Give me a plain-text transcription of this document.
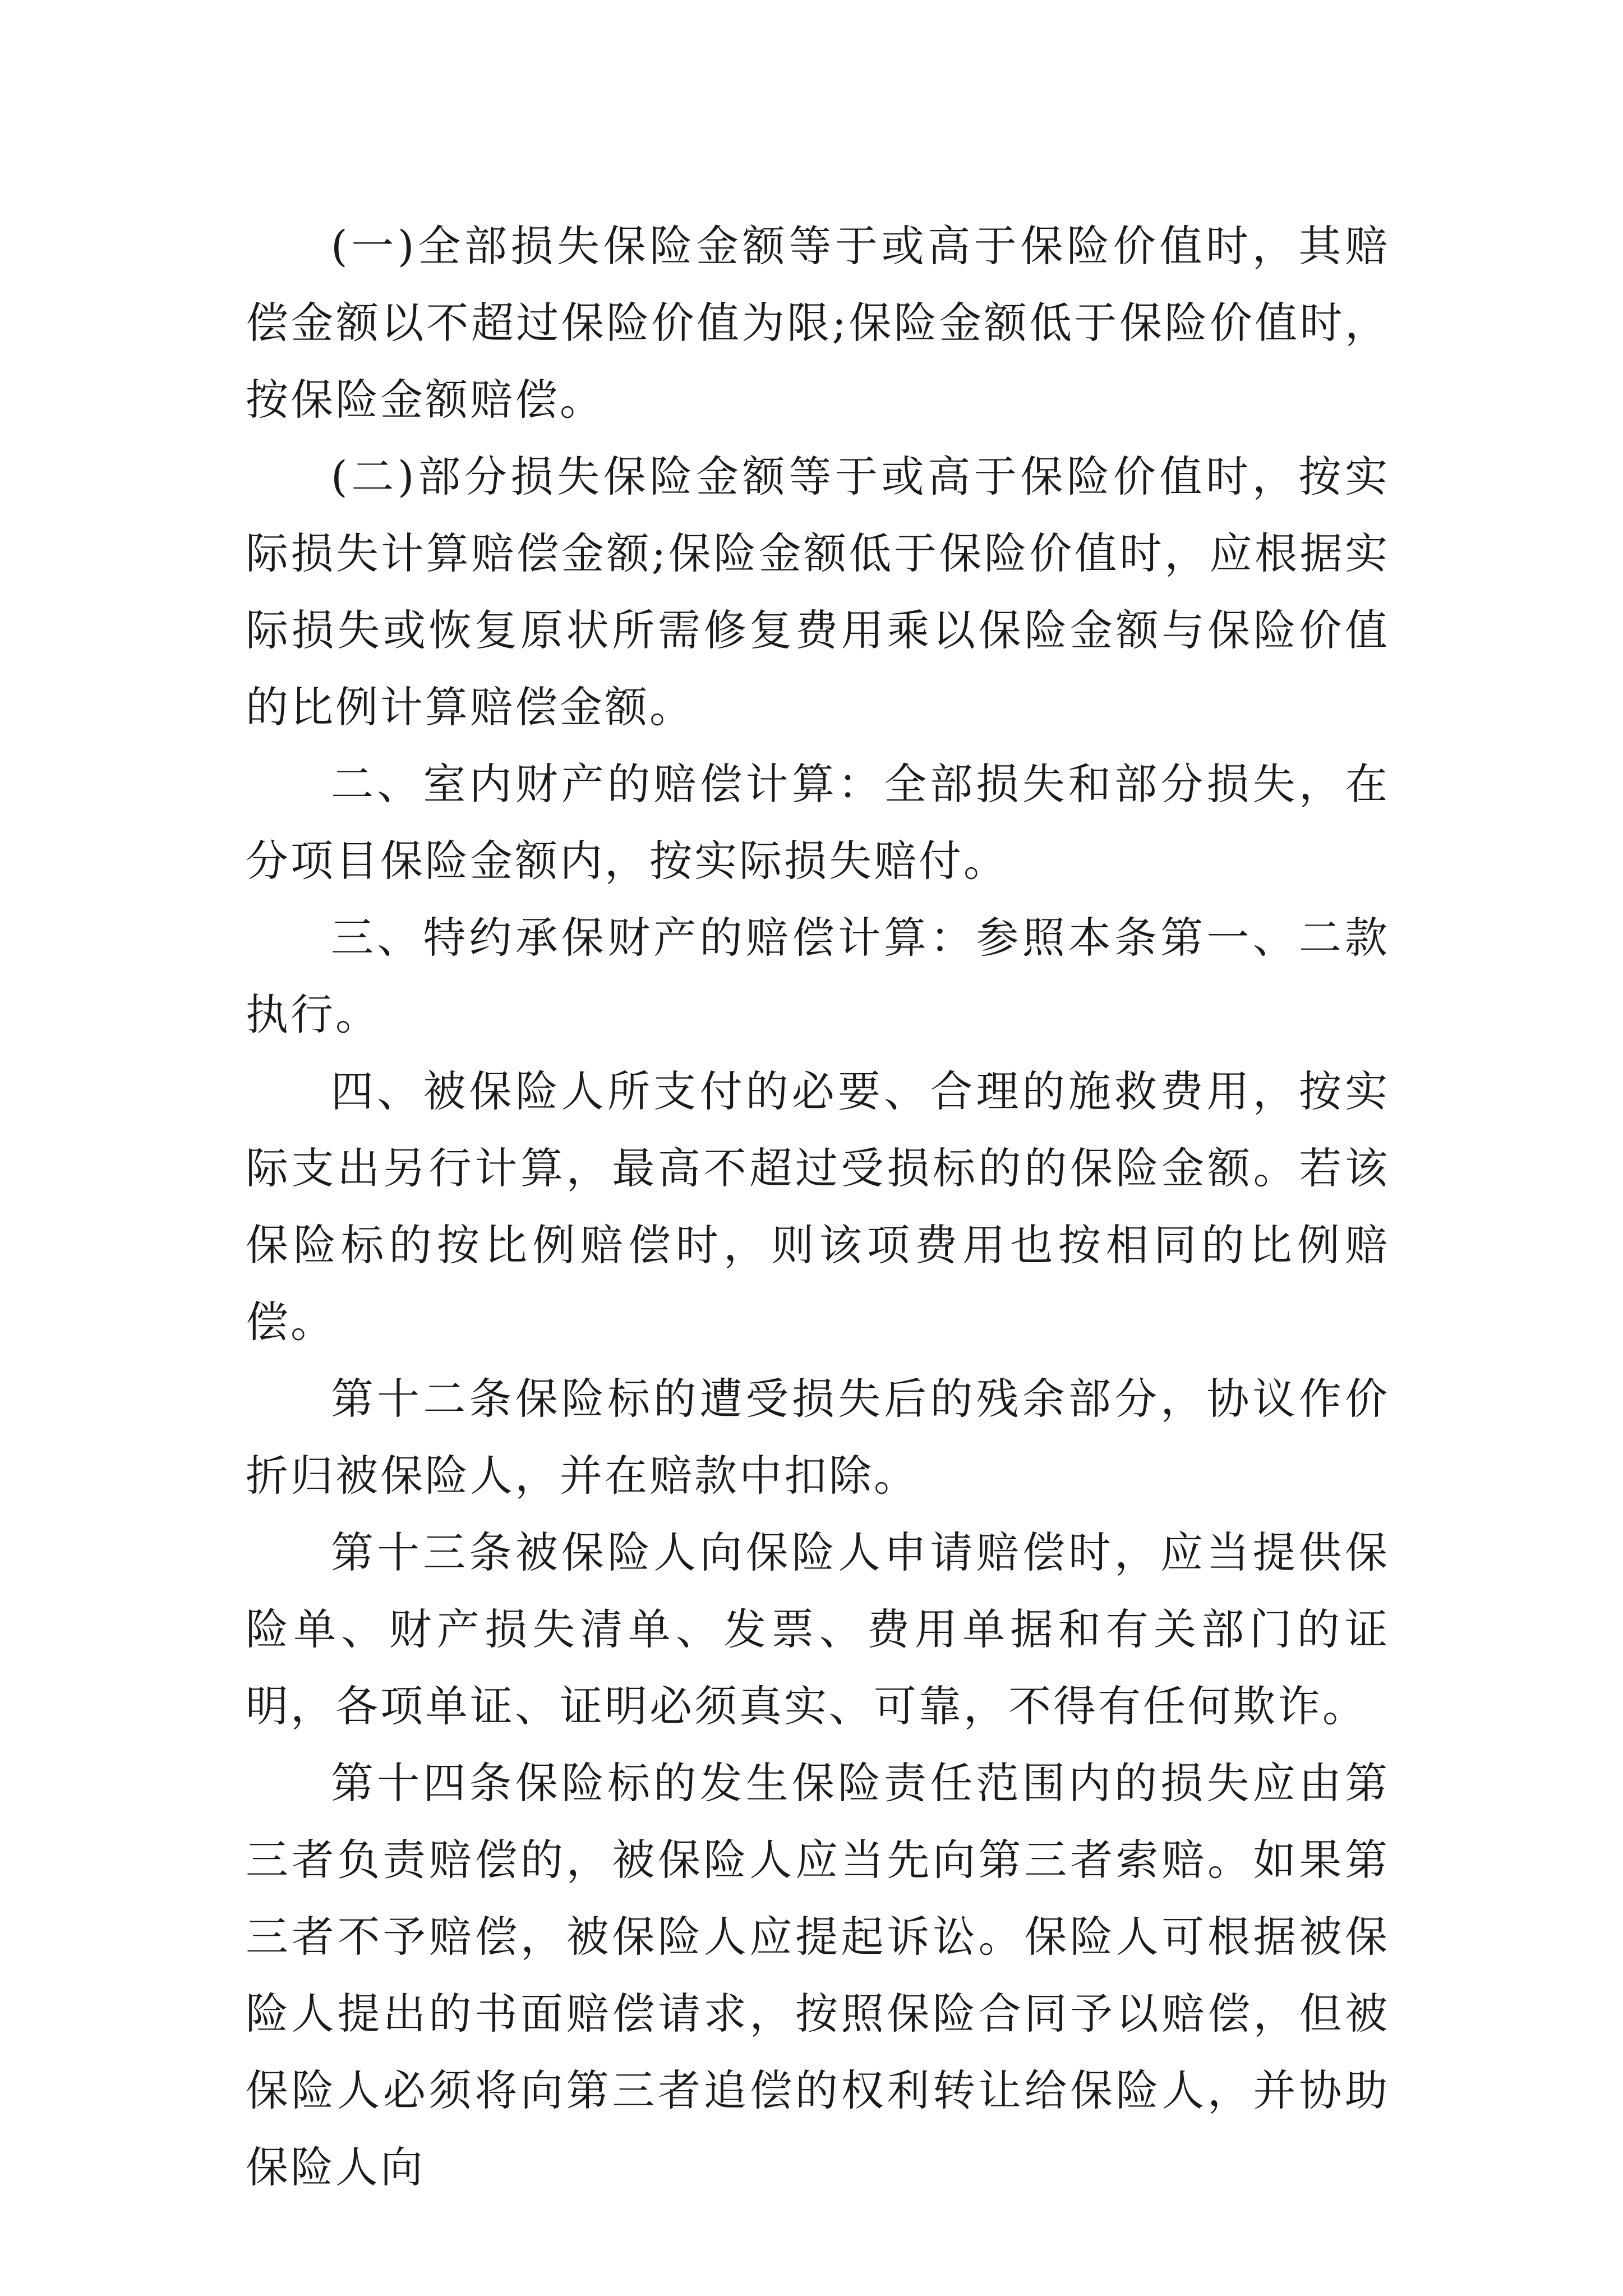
(一)全部损失保险金额等于或高于保险价值时，其赔偿金额以不超过保险价值为限;保险金额低于保险价值时，按保险金额赔偿。

(二)部分损失保险金额等于或高于保险价值时，按实际损失计算赔偿金额;保险金额低于保险价值时，应根据实际损失或恢复原状所需修复费用乘以保险金额与保险价值的比例计算赔偿金额。

二、室内财产的赔偿计算：全部损失和部分损失，在分项目保险金额内，按实际损失赔付。

三、特约承保财产的赔偿计算：参照本条第一、二款执行。

四、被保险人所支付的必要、合理的施救费用，按实际支出另行计算，最高不超过受损标的的保险金额。若该保险标的按比例赔偿时，则该项费用也按相同的比例赔偿。

第十二条保险标的遭受损失后的残余部分，协议作价折归被保险人，并在赔款中扣除。

第十三条被保险人向保险人申请赔偿时，应当提供保险单、财产损失清单、发票、费用单据和有关部门的证明，各项单证、证明必须真实、可靠，不得有任何欺诈。

第十四条保险标的发生保险责任范围内的损失应由第三者负责赔偿的，被保险人应当先向第三者索赔。如果第三者不予赔偿，被保险人应提起诉讼。保险人可根据被保险人提出的书面赔偿请求，按照保险合同予以赔偿，但被保险人必须将向第三者追偿的权利转让给保险人，并协助保险人向
